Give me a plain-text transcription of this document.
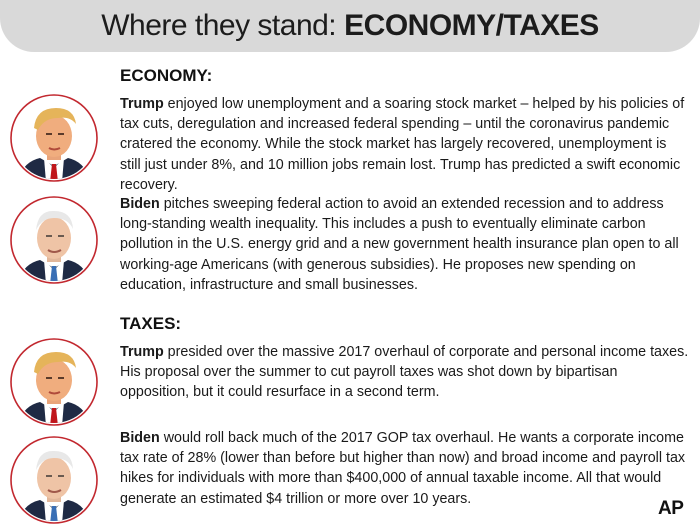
Where they stand: ECONOMY/TAXES
ECONOMY:
Trump enjoyed low unemployment and a soaring stock market – helped by his policies of tax cuts, deregulation and increased federal spending – until the coronavirus pandemic cratered the economy. While the stock market has largely recovered, unemployment is still just under 8%, and 10 million jobs remain lost. Trump has predicted a swift economic recovery.
Biden pitches sweeping federal action to avoid an extended recession and to address long-standing wealth inequality. This includes a push to eventually eliminate carbon pollution in the U.S. energy grid and a new government health insurance plan open to all working-age Americans (with generous subsidies). He proposes new spending on education, infrastructure and small businesses.
TAXES:
Trump presided over the massive 2017 overhaul of corporate and personal income taxes. His proposal over the summer to cut payroll taxes was shot down by bipartisan opposition, but it could resurface in a second term.
Biden would roll back much of the 2017 GOP tax overhaul. He wants a corporate income tax rate of 28% (lower than before but higher than now) and broad income and payroll tax hikes for individuals with more than $400,000 of annual taxable income. All that would generate an estimated $4 trillion or more over 10 years.	AP
